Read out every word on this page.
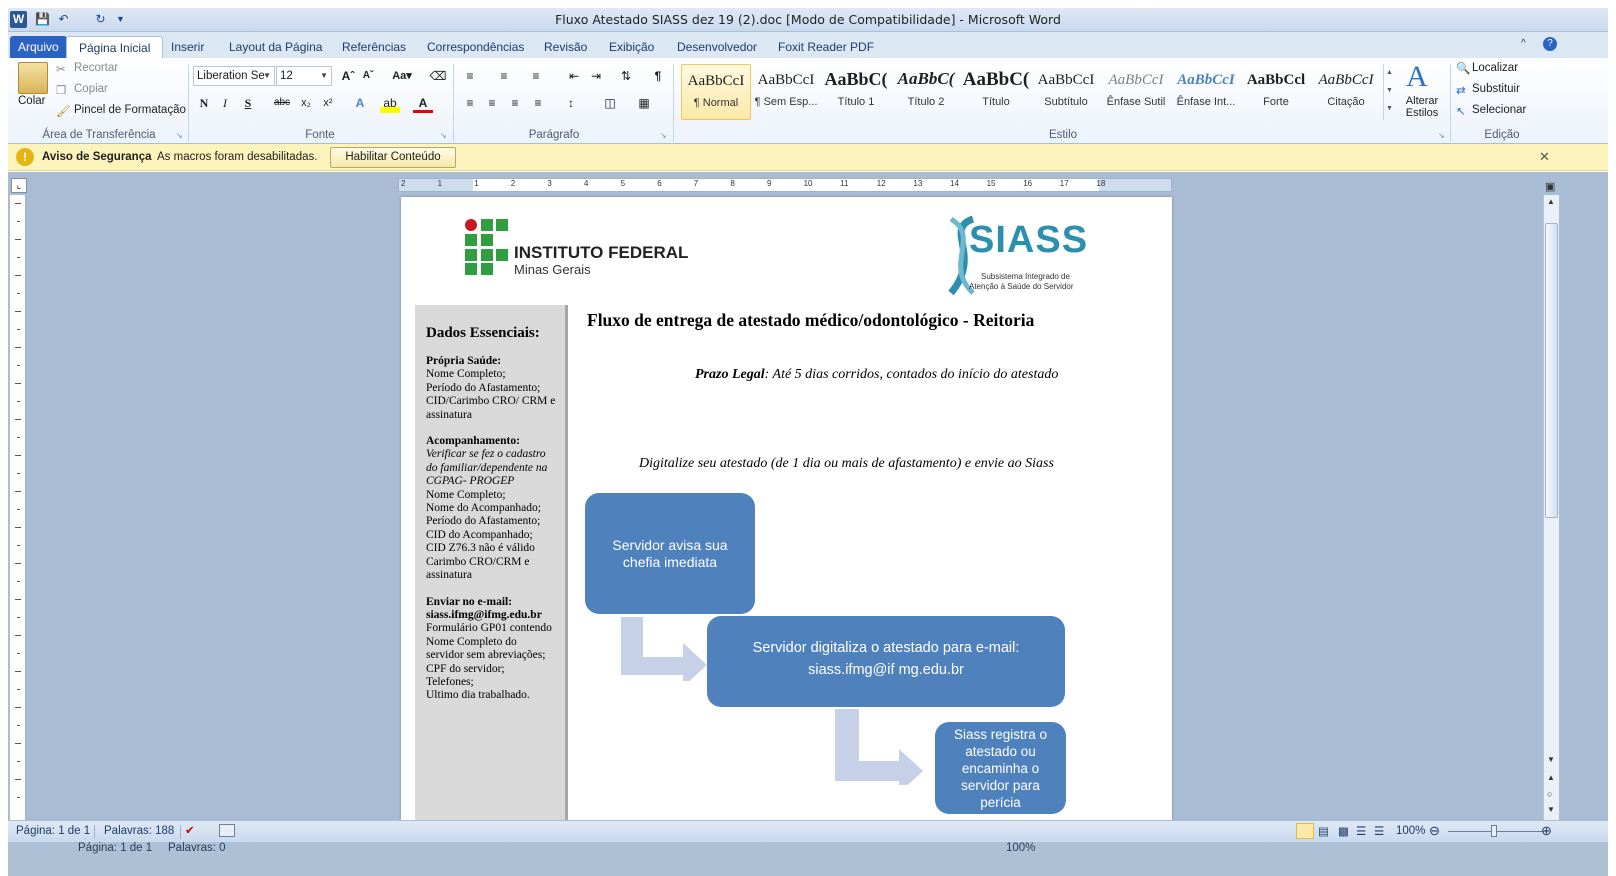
W 💾 ↶ ↻	▼	Fluxo Atestado SIASS dez 19 (2).doc [Modo de Compatibilidade] - Microsoft Word
Arquivo	Página Inicial	Inserir	Layout da Página	Referências	Correspondências	Revisão	Exibição	Desenvolvedor	Foxit Reader PDF	^	?
Colar
✂ Recortar
❐ Copiar
🖌 Pincel de Formatação
Área de Transferência	↘
Liberation Se
▼ 12	▼	Aˆ Aˇ	Aa▾	⌫
N	I	S	abc	x₂	x²	A	ab	A
Fonte	↘
≡	≡	≡	⇤ ⇥	⇅	¶
≡	≡	≡	≡	↕	◫	▦
Parágrafo	↘
AaBbCcI
¶ Normal
AaBbCcI
¶ Sem Esp...
AaBbC(
Título 1
AaBbC(
Título 2
AaBbC(
Título
AaBbCcI
Subtítulo
AaBbCcI
Ênfase Sutil
AaBbCcI
Ênfase Int...
AaBbCcl
Forte
AaBbCcI
Citação
▲
▼
▼
A
Alterar Estilos
Estilo	↘
🔍 Localizar
⇄ Substituir
↖ Selecionar
Edição
!	Aviso de Segurança As macros foram desabilitadas.	Habilitar Conteúdo	✕
⌞	2	1	1	2	3	4	5	6	7	8	9	10	11	12	13	14	15	16	17	18
▲
▼
▲
○
▼
▣
INSTITUTO FEDERAL
Minas Gerais
SIASS
Subsistema Integrado de
Atenção à Saúde do Servidor
Dados Essenciais:
Própria Saúde:
Nome Completo;
Período do Afastamento;
CID/Carimbo CRO/ CRM e
assinatura
Acompanhamento:
Verificar se fez o cadastro
do familiar/dependente na
CGPAG- PROGEP
Nome Completo;
Nome do Acompanhado;
Período do Afastamento;
CID do Acompanhado;
CID Z76.3 não é válido
Carimbo CRO/CRM e
assinatura
Enviar no e-mail:
siass.ifmg@ifmg.edu.br
Formulário GP01 contendo
Nome Completo do
servidor sem abreviações;
CPF do servidor;
Telefones;
Ultimo dia trabalhado.
Fluxo de entrega de atestado médico/odontológico - Reitoria
Prazo Legal: Até 5 dias corridos, contados do início do atestado
Digitalize seu atestado (de 1 dia ou mais de afastamento) e envie ao Siass
Servidor avisa sua chefia imediata
Servidor digitaliza o atestado para e-mail:
siass.ifmg@if mg.edu.br
Siass registra o atestado ou encaminha o servidor para perícia
Página: 1 de 1 Palavras: 188 ✔	▤ ▩ ☰ ☰ 100% ⊖	⊕
Página: 1 de 1 Palavras: 0	100%
